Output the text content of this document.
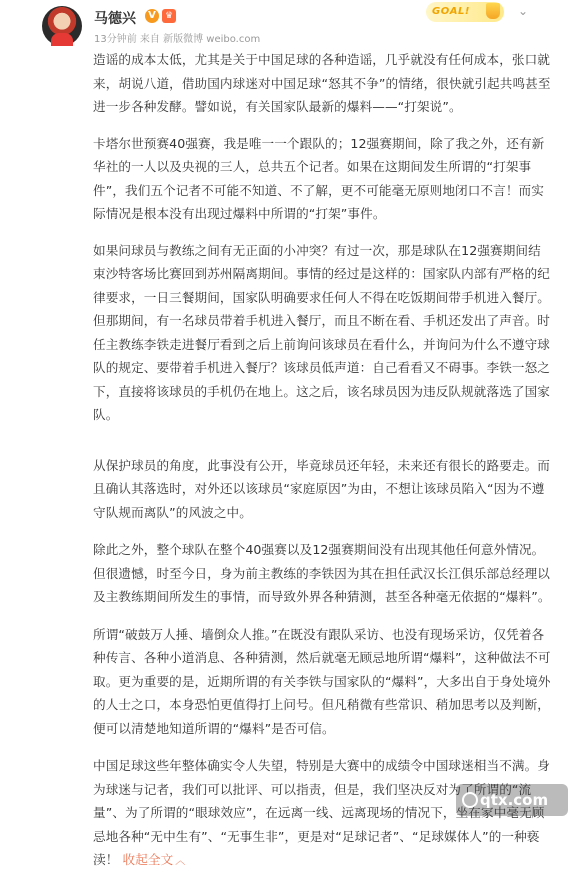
马德兴	V	♛
13分钟前 来自 新版微博 weibo.com
GOAL!	⌄

造谣的成本太低，尤其是关于中国足球的各种造谣，几乎就没有任何成本，张口就来，胡说八道，借助国内球迷对中国足球“怒其不争”的情绪，很快就引起共鸣甚至进一步各种发酵。譬如说，有关国家队最新的爆料——“打架说”。

卡塔尔世预赛40强赛，我是唯一一个跟队的；12强赛期间，除了我之外，还有新华社的一人以及央视的三人，总共五个记者。如果在这期间发生所谓的“打架事件”，我们五个记者不可能不知道、不了解，更不可能毫无原则地闭口不言！而实际情况是根本没有出现过爆料中所谓的“打架”事件。

如果问球员与教练之间有无正面的小冲突？有过一次，那是球队在12强赛期间结束沙特客场比赛回到苏州隔离期间。事情的经过是这样的：国家队内部有严格的纪律要求，一日三餐期间，国家队明确要求任何人不得在吃饭期间带手机进入餐厅。但那期间，有一名球员带着手机进入餐厅，而且不断在看、手机还发出了声音。时任主教练李铁走进餐厅看到之后上前询问该球员在看什么，并询问为什么不遵守球队的规定、要带着手机进入餐厅？该球员低声道：自己看看又不碍事。李铁一怒之下，直接将该球员的手机仍在地上。这之后，该名球员因为违反队规就落选了国家队。

从保护球员的角度，此事没有公开，毕竟球员还年轻，未来还有很长的路要走。而且确认其落选时，对外还以该球员“家庭原因”为由，不想让该球员陷入“因为不遵守队规而离队”的风波之中。

除此之外，整个球队在整个40强赛以及12强赛期间没有出现其他任何意外情况。但很遗憾，时至今日，身为前主教练的李铁因为其在担任武汉长江俱乐部总经理以及主教练期间所发生的事情，而导致外界各种猜测，甚至各种毫无依据的“爆料”。

所谓“破鼓万人捶、墙倒众人推。”在既没有跟队采访、也没有现场采访，仅凭着各种传言、各种小道消息、各种猜测，然后就毫无顾忌地所谓“爆料”，这种做法不可取。更为重要的是，近期所谓的有关李铁与国家队的“爆料”，大多出自于身处境外的人士之口，本身恐怕更值得打上问号。但凡稍微有些常识、稍加思考以及判断，便可以清楚地知道所谓的“爆料”是否可信。

中国足球这些年整体确实令人失望，特别是大赛中的成绩令中国球迷相当不满。身为球迷与记者，我们可以批评、可以指责，但是，我们坚决反对为了所谓的“流量”、为了所谓的“眼球效应”，在远离一线、远离现场的情况下，坐在家中毫无顾忌地各种“无中生有”、“无事生非”，更是对“足球记者”、“足球媒体人”的一种亵渎！ 收起全文 ︿

qtx.com
